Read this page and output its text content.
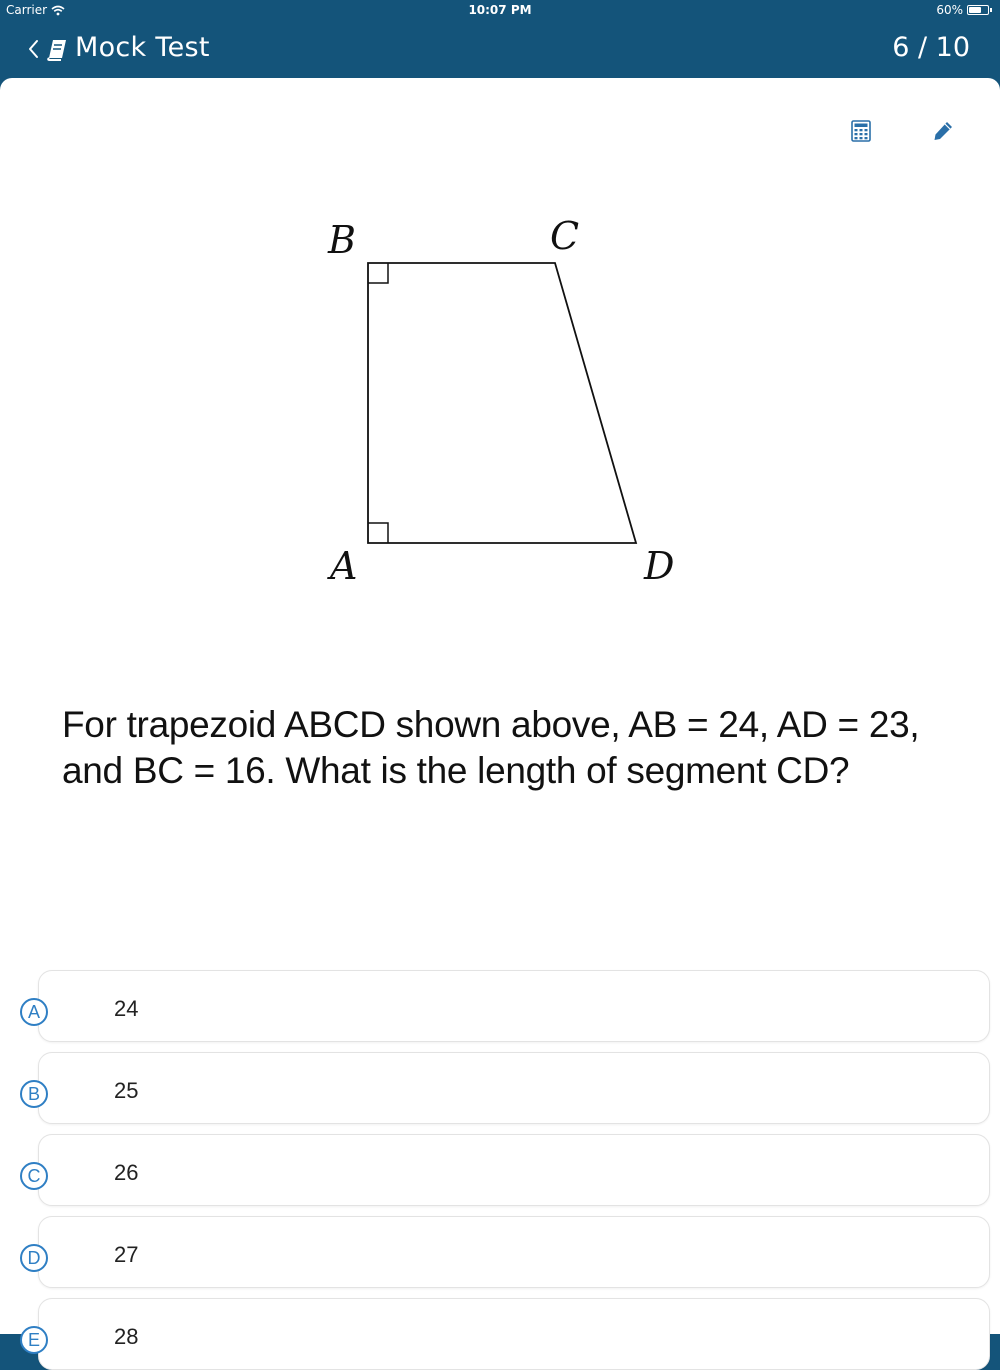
Carrier	10:07 PM	60%
Mock Test	6 / 10
B	C
A	D
For trapezoid ABCD shown above, AB = 24, AD = 23, and BC = 16. What is the length of segment CD?
24
A
25
B
26
C
27
D
28
E
